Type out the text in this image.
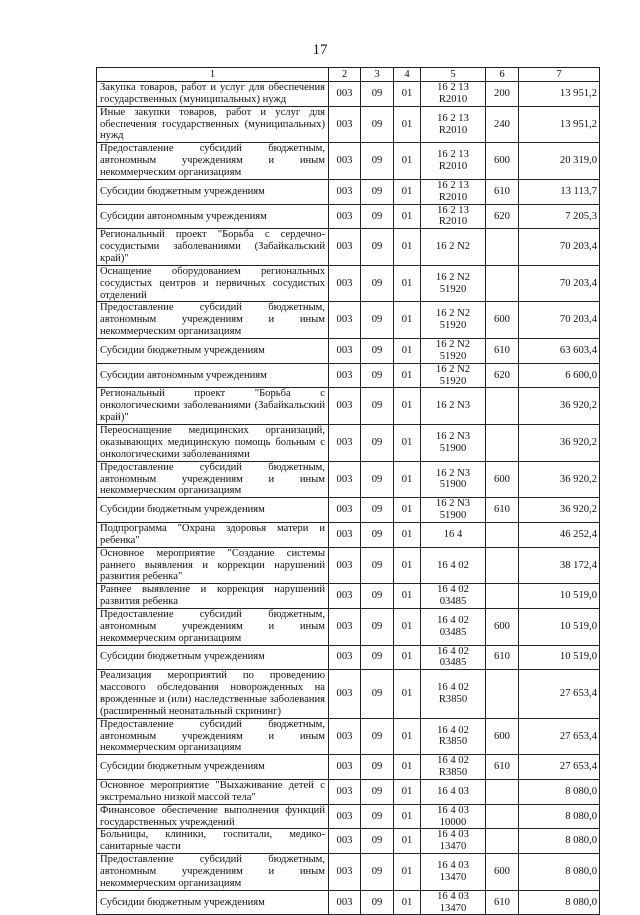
17
1	2	3	4	5	6	7
Закупка товаров, работ и услуг для обеспечения государственных (муниципальных) нужд	003	09	01	16 2 13 R2010	200	13 951,2
Иные закупки товаров, работ и услуг для обеспечения государственных (муниципальных) нужд	003	09	01	16 2 13 R2010	240	13 951,2
Предоставление субсидий бюджетным, автономным учреждениям и иным некоммерческим организациям	003	09	01	16 2 13 R2010	600	20 319,0
Субсидии бюджетным учреждениям	003	09	01	16 2 13 R2010	610	13 113,7
Субсидии автономным учреждениям	003	09	01	16 2 13 R2010	620	7 205,3
Региональный проект "Борьба с сердечно-сосудистыми заболеваниями (Забайкальский край)"	003	09	01	16 2 N2		70 203,4
Оснащение оборудованием региональных сосудистых центров и первичных сосудистых отделений	003	09	01	16 2 N2 51920		70 203,4
Предоставление субсидий бюджетным, автономным учреждениям и иным некоммерческим организациям	003	09	01	16 2 N2 51920	600	70 203,4
Субсидии бюджетным учреждениям	003	09	01	16 2 N2 51920	610	63 603,4
Субсидии автономным учреждениям	003	09	01	16 2 N2 51920	620	6 600,0
Региональный проект "Борьба с онкологическими заболеваниями (Забайкальский край)"	003	09	01	16 2 N3		36 920,2
Переоснащение медицинских организаций, оказывающих медицинскую помощь больным с онкологическими заболеваниями	003	09	01	16 2 N3 51900		36 920,2
Предоставление субсидий бюджетным, автономным учреждениям и иным некоммерческим организациям	003	09	01	16 2 N3 51900	600	36 920,2
Субсидии бюджетным учреждениям	003	09	01	16 2 N3 51900	610	36 920,2
Подпрограмма "Охрана здоровья матери и ребенка"	003	09	01	16 4		46 252,4
Основное мероприятие "Создание системы раннего выявления и коррекции нарушений развития ребенка"	003	09	01	16 4 02		38 172,4
Раннее выявление и коррекция нарушений развития ребенка	003	09	01	16 4 02 03485		10 519,0
Предоставление субсидий бюджетным, автономным учреждениям и иным некоммерческим организациям	003	09	01	16 4 02 03485	600	10 519,0
Субсидии бюджетным учреждениям	003	09	01	16 4 02 03485	610	10 519,0
Реализация мероприятий по проведению массового обследования новорожденных на врожденные и (или) наследственные заболевания (расширенный неонатальный скрининг)	003	09	01	16 4 02 R3850		27 653,4
Предоставление субсидий бюджетным, автономным учреждениям и иным некоммерческим организациям	003	09	01	16 4 02 R3850	600	27 653,4
Субсидии бюджетным учреждениям	003	09	01	16 4 02 R3850	610	27 653,4
Основное мероприятие "Выхаживание детей с экстремально низкой массой тела"	003	09	01	16 4 03		8 080,0
Финансовое обеспечение выполнения функций государственных учреждений	003	09	01	16 4 03 10000		8 080,0
Больницы, клиники, госпитали, медико-санитарные части	003	09	01	16 4 03 13470		8 080,0
Предоставление субсидий бюджетным, автономным учреждениям и иным некоммерческим организациям	003	09	01	16 4 03 13470	600	8 080,0
Субсидии бюджетным учреждениям	003	09	01	16 4 03 13470	610	8 080,0
